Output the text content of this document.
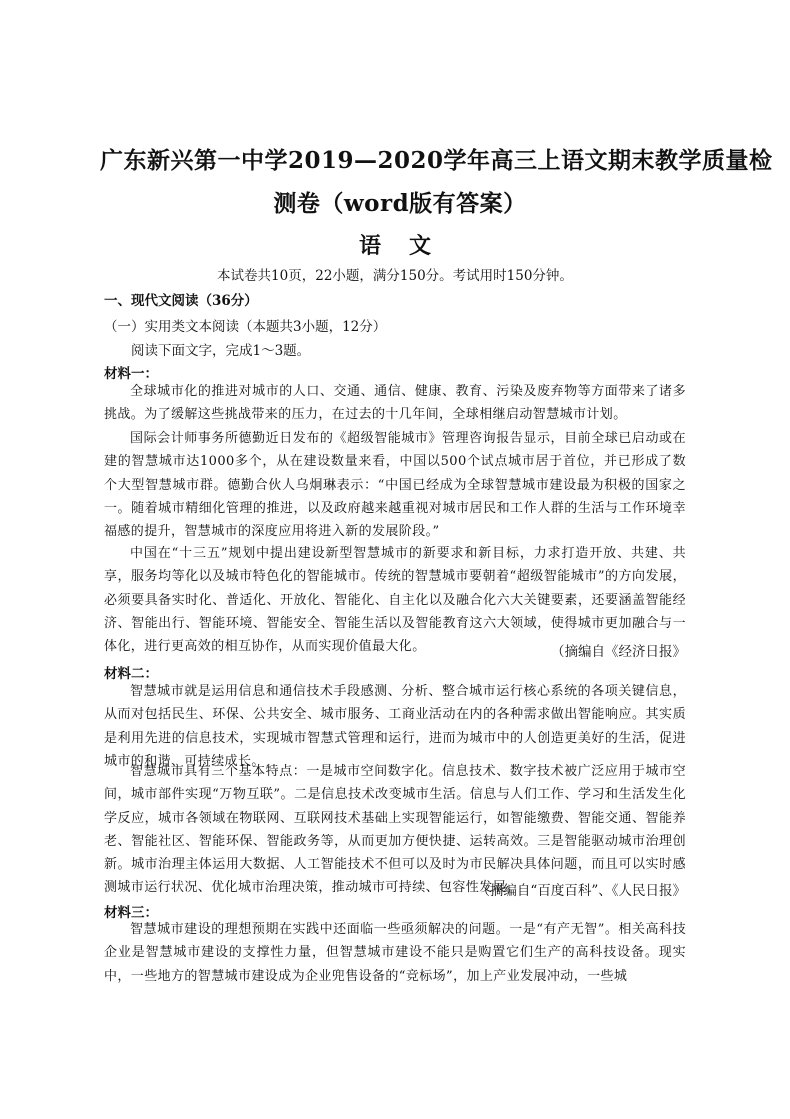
广东新兴第一中学2019—2020学年高三上语文期末教学质量检
测卷（word版有答案）
语文
本试卷共10页，22小题，满分150分。考试用时150分钟。
一、现代文阅读（36分）
（一）实用类文本阅读（本题共3小题，12分）
阅读下面文字，完成1～3题。
材料一：
全球城市化的推进对城市的人口、交通、通信、健康、教育、污染及废弃物等方面带来了诸多挑战。为了缓解这些挑战带来的压力，在过去的十几年间，全球相继启动智慧城市计划。
国际会计师事务所德勤近日发布的《超级智能城市》管理咨询报告显示，目前全球已启动或在建的智慧城市达1000多个，从在建设数量来看，中国以500个试点城市居于首位，并已形成了数个大型智慧城市群。德勤合伙人乌炯琳表示：“中国已经成为全球智慧城市建设最为积极的国家之一。随着城市精细化管理的推进，以及政府越来越重视对城市居民和工作人群的生活与工作环境幸福感的提升，智慧城市的深度应用将进入新的发展阶段。”
中国在“十三五”规划中提出建设新型智慧城市的新要求和新目标，力求打造开放、共建、共享，服务均等化以及城市特色化的智能城市。传统的智慧城市要朝着“超级智能城市”的方向发展，必须要具备实时化、普适化、开放化、智能化、自主化以及融合化六大关键要素，还要涵盖智能经济、智能出行、智能环境、智能安全、智能生活以及智能教育这六大领域，使得城市更加融合与一体化，进行更高效的相互协作，从而实现价值最大化。	（摘编自《经济日报》
材料二：
智慧城市就是运用信息和通信技术手段感测、分析、整合城市运行核心系统的各项关键信息，从而对包括民生、环保、公共安全、城市服务、工商业活动在内的各种需求做出智能响应。其实质是利用先进的信息技术，实现城市智慧式管理和运行，进而为城市中的人创造更美好的生活，促进城市的和谐、可持续成长。
智慧城市具有三个基本特点：一是城市空间数字化。信息技术、数字技术被广泛应用于城市空间，城市部件实现“万物互联”。二是信息技术改变城市生活。信息与人们工作、学习和生活发生化学反应，城市各领域在物联网、互联网技术基础上实现智能运行，如智能缴费、智能交通、智能养老、智能社区、智能环保、智能政务等，从而更加方便快捷、运转高效。三是智能驱动城市治理创新。城市治理主体运用大数据、人工智能技术不但可以及时为市民解决具体问题，而且可以实时感测城市运行状况、优化城市治理决策，推动城市可持续、包容性发展。
（摘编自“百度百科”、《人民日报》
材料三：
智慧城市建设的理想预期在实践中还面临一些亟须解决的问题。一是“有产无智”。相关高科技企业是智慧城市建设的支撑性力量，但智慧城市建设不能只是购置它们生产的高科技设备。现实中，一些地方的智慧城市建设成为企业兜售设备的“竞标场”，加上产业发展冲动，一些城
